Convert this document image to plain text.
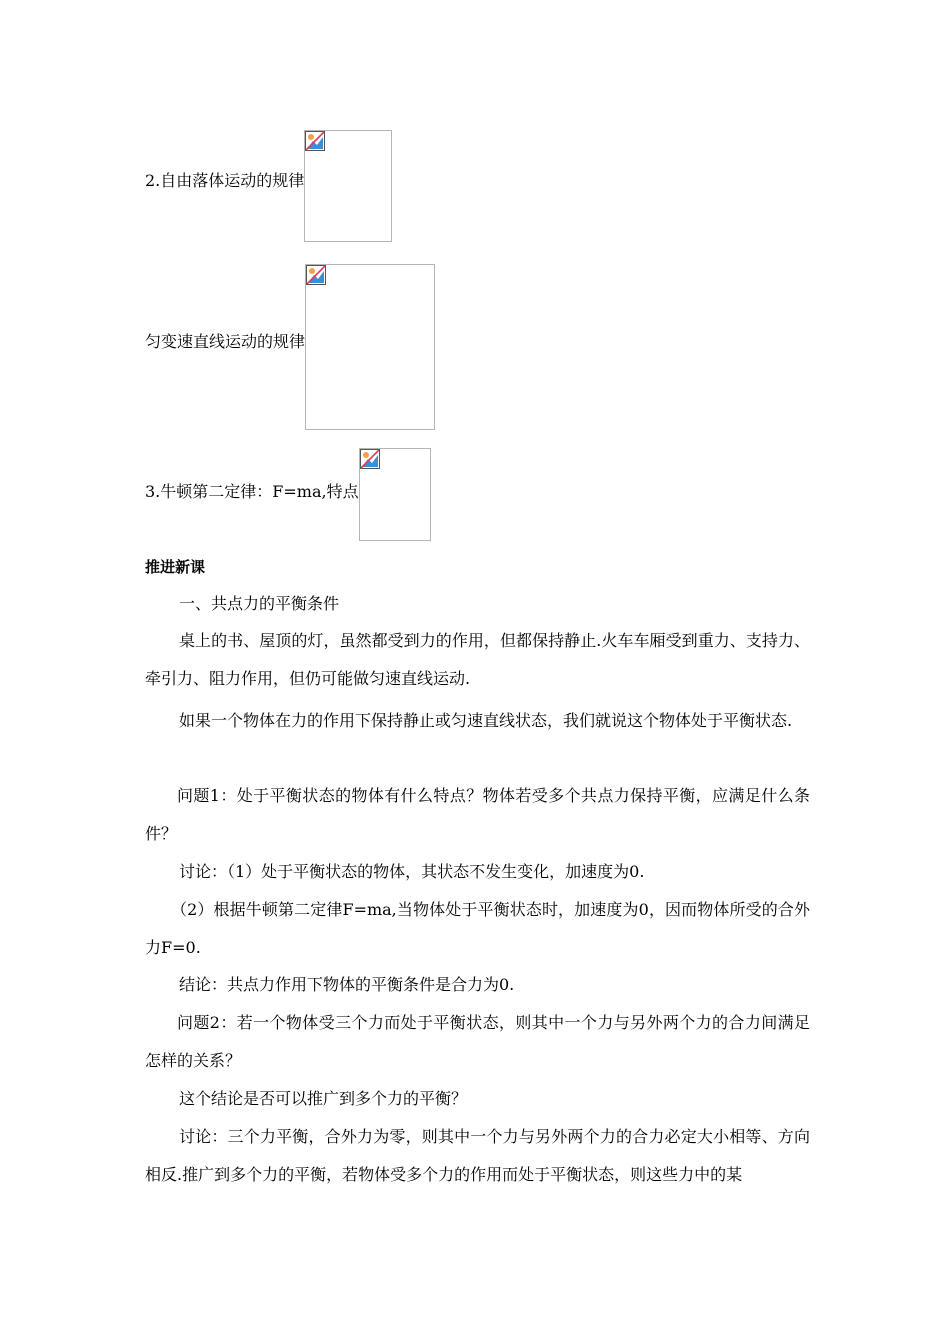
2.自由落体运动的规律
匀变速直线运动的规律
3.牛顿第二定律：F=ma,特点
推进新课
一、共点力的平衡条件
桌上的书、屋顶的灯，虽然都受到力的作用，但都保持静止.火车车厢受到重力、支持力、牵引力、阻力作用，但仍可能做匀速直线运动.
如果一个物体在力的作用下保持静止或匀速直线状态，我们就说这个物体处于平衡状态.
问题1：处于平衡状态的物体有什么特点？物体若受多个共点力保持平衡，应满足什么条件？
讨论：（1）处于平衡状态的物体，其状态不发生变化，加速度为0.
（2）根据牛顿第二定律F=ma,当物体处于平衡状态时，加速度为0，因而物体所受的合外力F=0.
结论：共点力作用下物体的平衡条件是合力为0.
问题2：若一个物体受三个力而处于平衡状态，则其中一个力与另外两个力的合力间满足怎样的关系？
这个结论是否可以推广到多个力的平衡？
讨论：三个力平衡，合外力为零，则其中一个力与另外两个力的合力必定大小相等、方向相反.推广到多个力的平衡，若物体受多个力的作用而处于平衡状态，则这些力中的某
